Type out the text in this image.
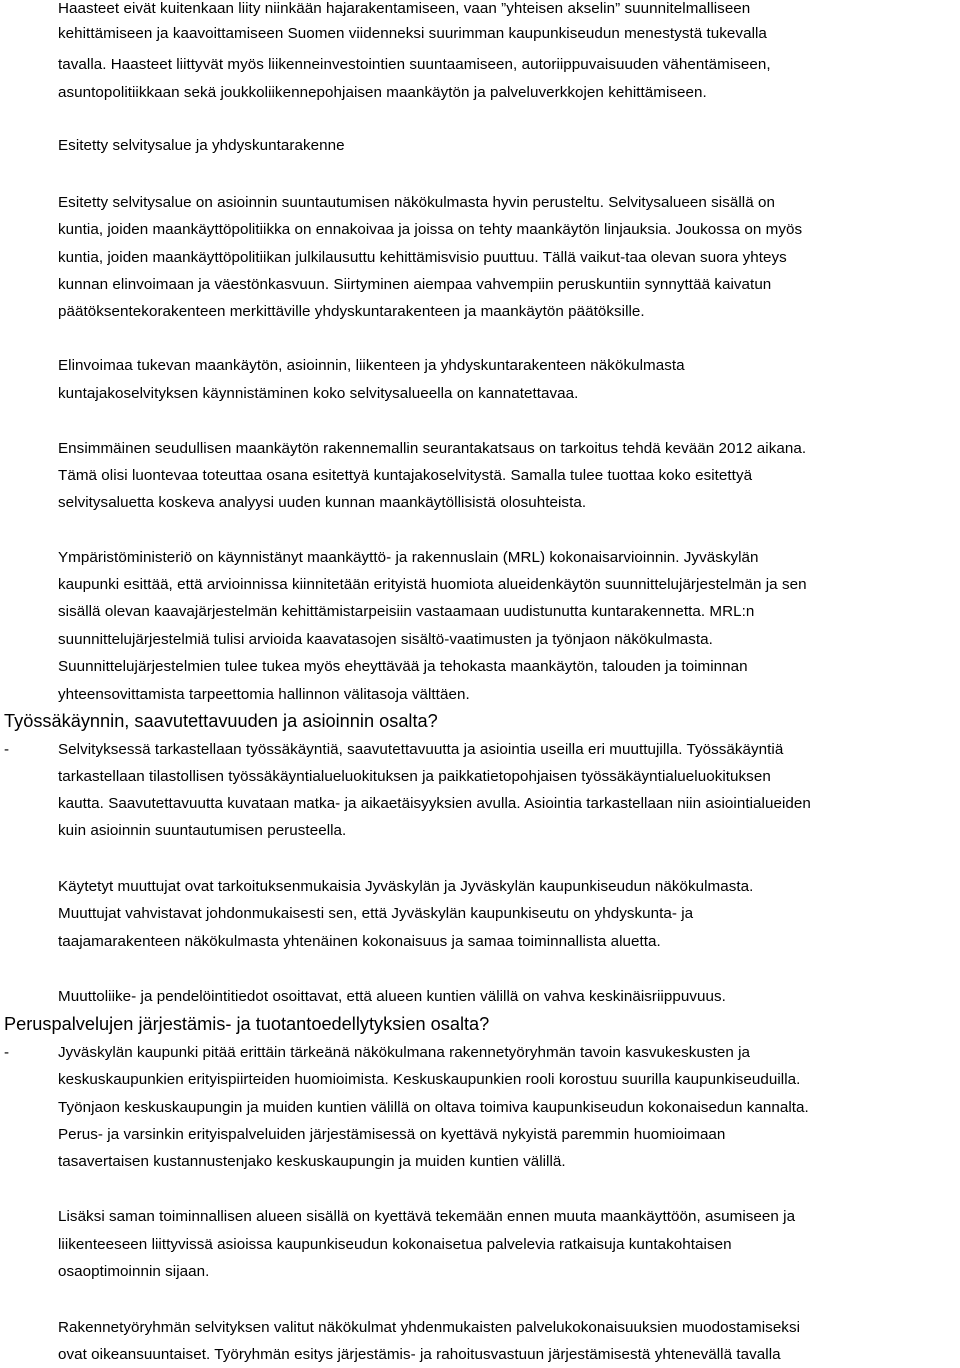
Haasteet eivät kuitenkaan liity niinkään hajarakentamiseen, vaan ”yhteisen akselin” suunnitelmalliseen
kehittämiseen ja kaavoittamiseen Suomen viidenneksi suurimman kaupunkiseudun menestystä tukevalla
tavalla. Haasteet liittyvät myös liikenneinvestointien suuntaamiseen, autoriippuvaisuuden vähentämiseen,
asuntopolitiikkaan sekä joukkoliikennepohjaisen maankäytön ja palveluverkkojen kehittämiseen.
Esitetty selvitysalue ja yhdyskuntarakenne
Esitetty selvitysalue on asioinnin suuntautumisen näkökulmasta hyvin perusteltu. Selvitysalueen sisällä on
kuntia, joiden maankäyttöpolitiikka on ennakoivaa ja joissa on tehty maankäytön linjauksia. Joukossa on myös
kuntia, joiden maankäyttöpolitiikan julkilausuttu kehittämisvisio puuttuu. Tällä vaikut-taa olevan suora yhteys
kunnan elinvoimaan ja väestönkasvuun. Siirtyminen aiempaa vahvempiin peruskuntiin synnyttää kaivatun
päätöksentekorakenteen merkittäville yhdyskuntarakenteen ja maankäytön päätöksille.
Elinvoimaa tukevan maankäytön, asioinnin, liikenteen ja yhdyskuntarakenteen näkökulmasta
kuntajakoselvityksen käynnistäminen koko selvitysalueella on kannatettavaa.
Ensimmäinen seudullisen maankäytön rakennemallin seurantakatsaus on tarkoitus tehdä kevään 2012 aikana.
Tämä olisi luontevaa toteuttaa osana esitettyä kuntajakoselvitystä. Samalla tulee tuottaa koko esitettyä
selvitysaluetta koskeva analyysi uuden kunnan maankäytöllisistä olosuhteista.
Ympäristöministeriö on käynnistänyt maankäyttö- ja rakennuslain (MRL) kokonaisarvioinnin. Jyväskylän
kaupunki esittää, että arvioinnissa kiinnitetään erityistä huomiota alueidenkäytön suunnittelujärjestelmän ja sen
sisällä olevan kaavajärjestelmän kehittämistarpeisiin vastaamaan uudistunutta kuntarakennetta. MRL:n
suunnittelujärjestelmiä tulisi arvioida kaavatasojen sisältö-vaatimusten ja työnjaon näkökulmasta.
Suunnittelujärjestelmien tulee tukea myös eheyttävää ja tehokasta maankäytön, talouden ja toiminnan
yhteensovittamista tarpeettomia hallinnon välitasoja välttäen.
Työssäkäynnin, saavutettavuuden ja asioinnin osalta?
-	Selvityksessä tarkastellaan työssäkäyntiä, saavutettavuutta ja asiointia useilla eri muuttujilla. Työssäkäyntiä
tarkastellaan tilastollisen työssäkäyntialueluokituksen ja paikkatietopohjaisen työssäkäyntialueluokituksen
kautta. Saavutettavuutta kuvataan matka- ja aikaetäisyyksien avulla. Asiointia tarkastellaan niin asiointialueiden
kuin asioinnin suuntautumisen perusteella.
Käytetyt muuttujat ovat tarkoituksenmukaisia Jyväskylän ja Jyväskylän kaupunkiseudun näkökulmasta.
Muuttujat vahvistavat johdonmukaisesti sen, että Jyväskylän kaupunkiseutu on yhdyskunta- ja
taajamarakenteen näkökulmasta yhtenäinen kokonaisuus ja samaa toiminnallista aluetta.
Muuttoliike- ja pendelöintitiedot osoittavat, että alueen kuntien välillä on vahva keskinäisriippuvuus.
Peruspalvelujen järjestämis- ja tuotantoedellytyksien osalta?
-	Jyväskylän kaupunki pitää erittäin tärkeänä näkökulmana rakennetyöryhmän tavoin kasvukeskusten ja
keskuskaupunkien erityispiirteiden huomioimista. Keskuskaupunkien rooli korostuu suurilla kaupunkiseuduilla.
Työnjaon keskuskaupungin ja muiden kuntien välillä on oltava toimiva kaupunkiseudun kokonaisedun kannalta.
Perus- ja varsinkin erityispalveluiden järjestämisessä on kyettävä nykyistä paremmin huomioimaan
tasavertaisen kustannustenjako keskuskaupungin ja muiden kuntien välillä.
Lisäksi saman toiminnallisen alueen sisällä on kyettävä tekemään ennen muuta maankäyttöön, asumiseen ja
liikenteeseen liittyvissä asioissa kaupunkiseudun kokonaisetua palvelevia ratkaisuja kuntakohtaisen
osaoptimoinnin sijaan.
Rakennetyöryhmän selvityksen valitut näkökulmat yhdenmukaisten palvelukokonaisuuksien muodostamiseksi
ovat oikeansuuntaiset. Työryhmän esitys järjestämis- ja rahoitusvastuun järjestämisestä yhtenevällä tavalla
